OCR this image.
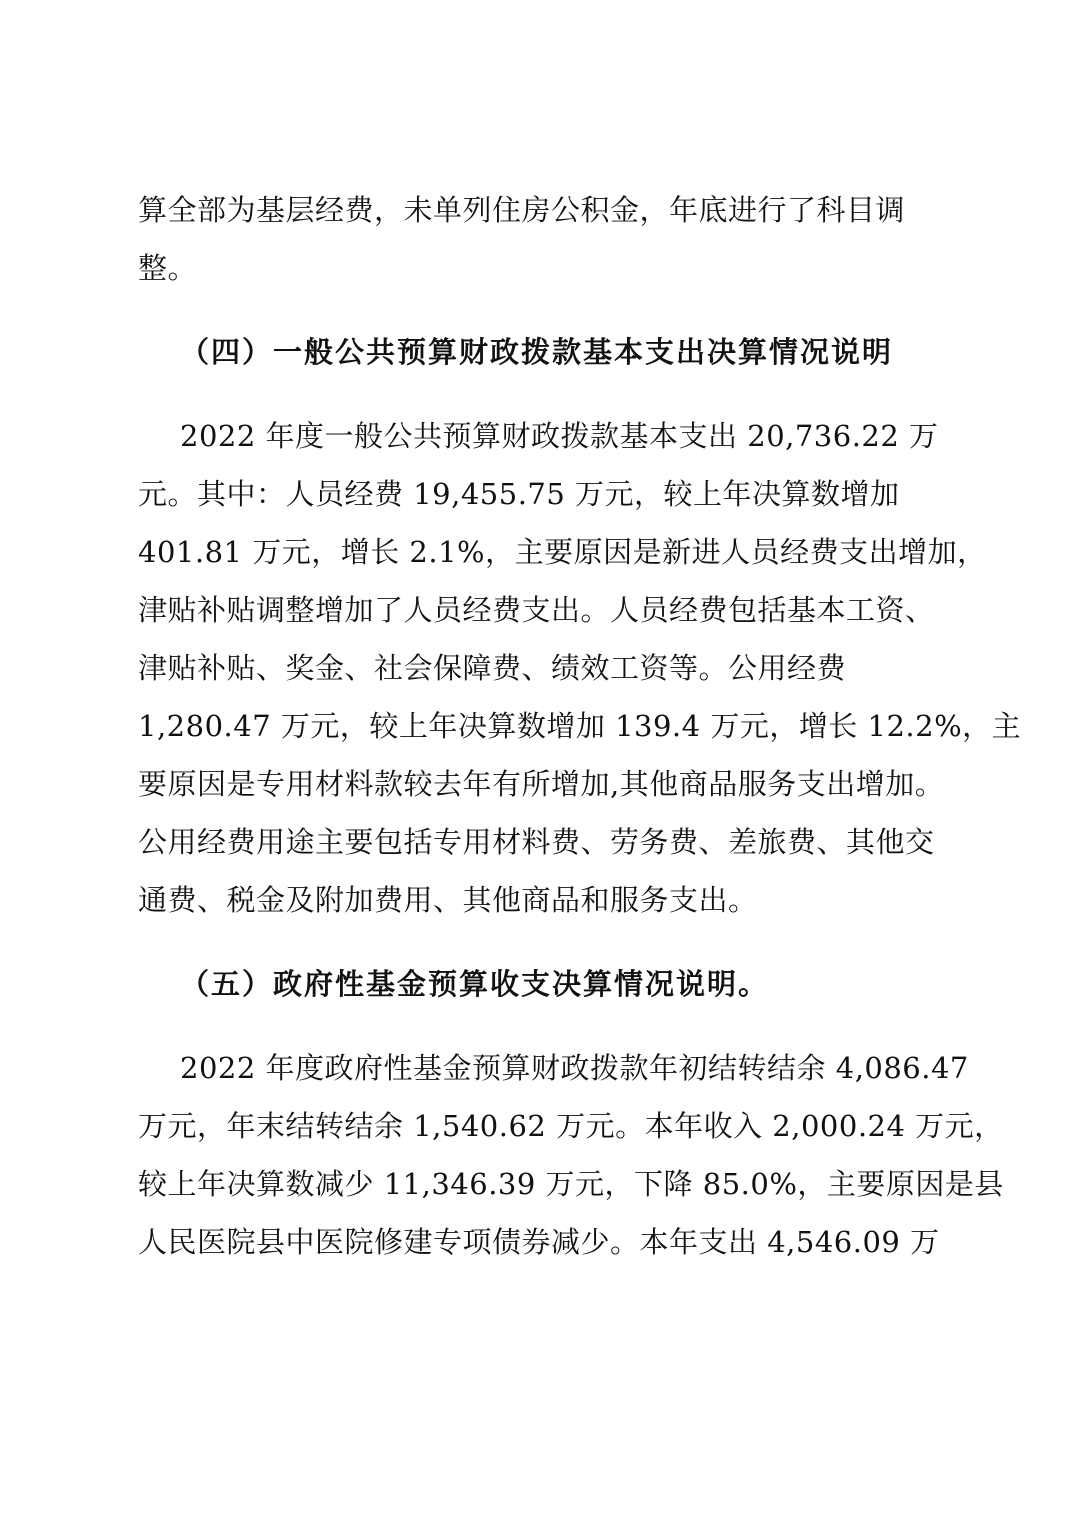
算全部为基层经费，未单列住房公积金，年底进行了科目调
整。
（四）一般公共预算财政拨款基本支出决算情况说明
2022 年度一般公共预算财政拨款基本支出 20,736.22 万
元。其中：人员经费 19,455.75 万元，较上年决算数增加
401.81 万元，增长 2.1%，主要原因是新进人员经费支出增加，
津贴补贴调整增加了人员经费支出。人员经费包括基本工资、
津贴补贴、奖金、社会保障费、绩效工资等。公用经费
1,280.47 万元，较上年决算数增加 139.4 万元，增长 12.2%，主
要原因是专用材料款较去年有所增加,其他商品服务支出增加。
公用经费用途主要包括专用材料费、劳务费、差旅费、其他交
通费、税金及附加费用、其他商品和服务支出。
（五）政府性基金预算收支决算情况说明。
2022 年度政府性基金预算财政拨款年初结转结余 4,086.47
万元，年末结转结余 1,540.62 万元。本年收入 2,000.24 万元，
较上年决算数减少 11,346.39 万元，下降 85.0%，主要原因是县
人民医院县中医院修建专项债券减少。本年支出 4,546.09 万
